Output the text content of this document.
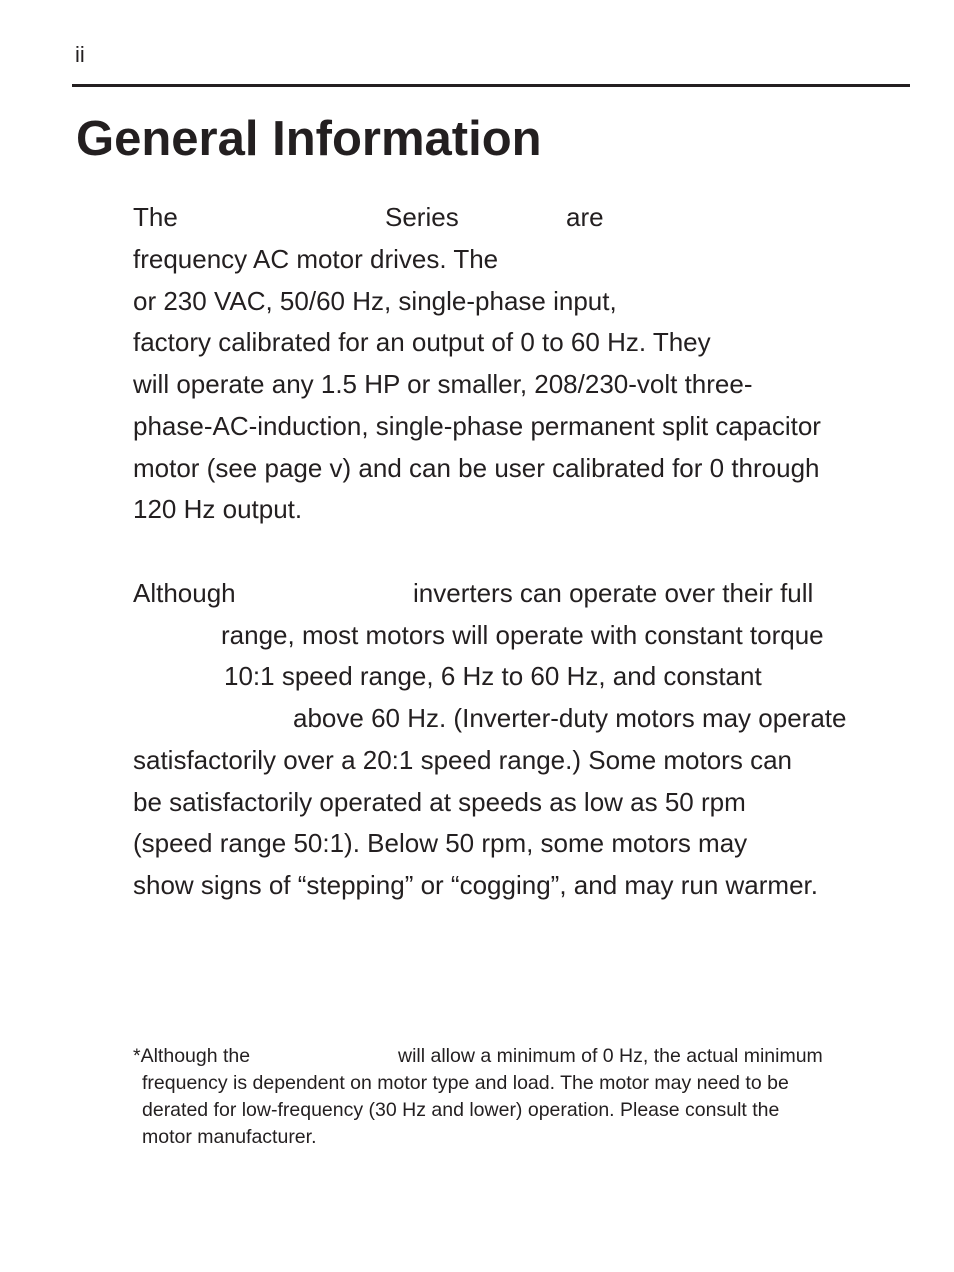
ii
General Information
The	Series	are
frequency AC motor drives. The
or 230 VAC, 50/60 Hz, single-phase input,
factory calibrated for an output of 0 to 60 Hz. They
will operate any 1.5 HP or smaller, 208/230-volt three-
phase-AC-induction, single-phase permanent split capacitor
motor (see page v) and can be user calibrated for 0 through
120 Hz output.
Although	inverters can operate over their full
range, most motors will operate with constant torque
10:1 speed range, 6 Hz to 60 Hz, and constant
above 60 Hz. (Inverter-duty motors may operate
satisfactorily over a 20:1 speed range.) Some motors can
be satisfactorily operated at speeds as low as 50 rpm
(speed range 50:1). Below 50 rpm, some motors may
show signs of “stepping” or “cogging”, and may run warmer.
*Although the	will allow a minimum of 0 Hz, the actual minimum
frequency is dependent on motor type and load. The motor may need to be
derated for low-frequency (30 Hz and lower) operation. Please consult the
motor manufacturer.
